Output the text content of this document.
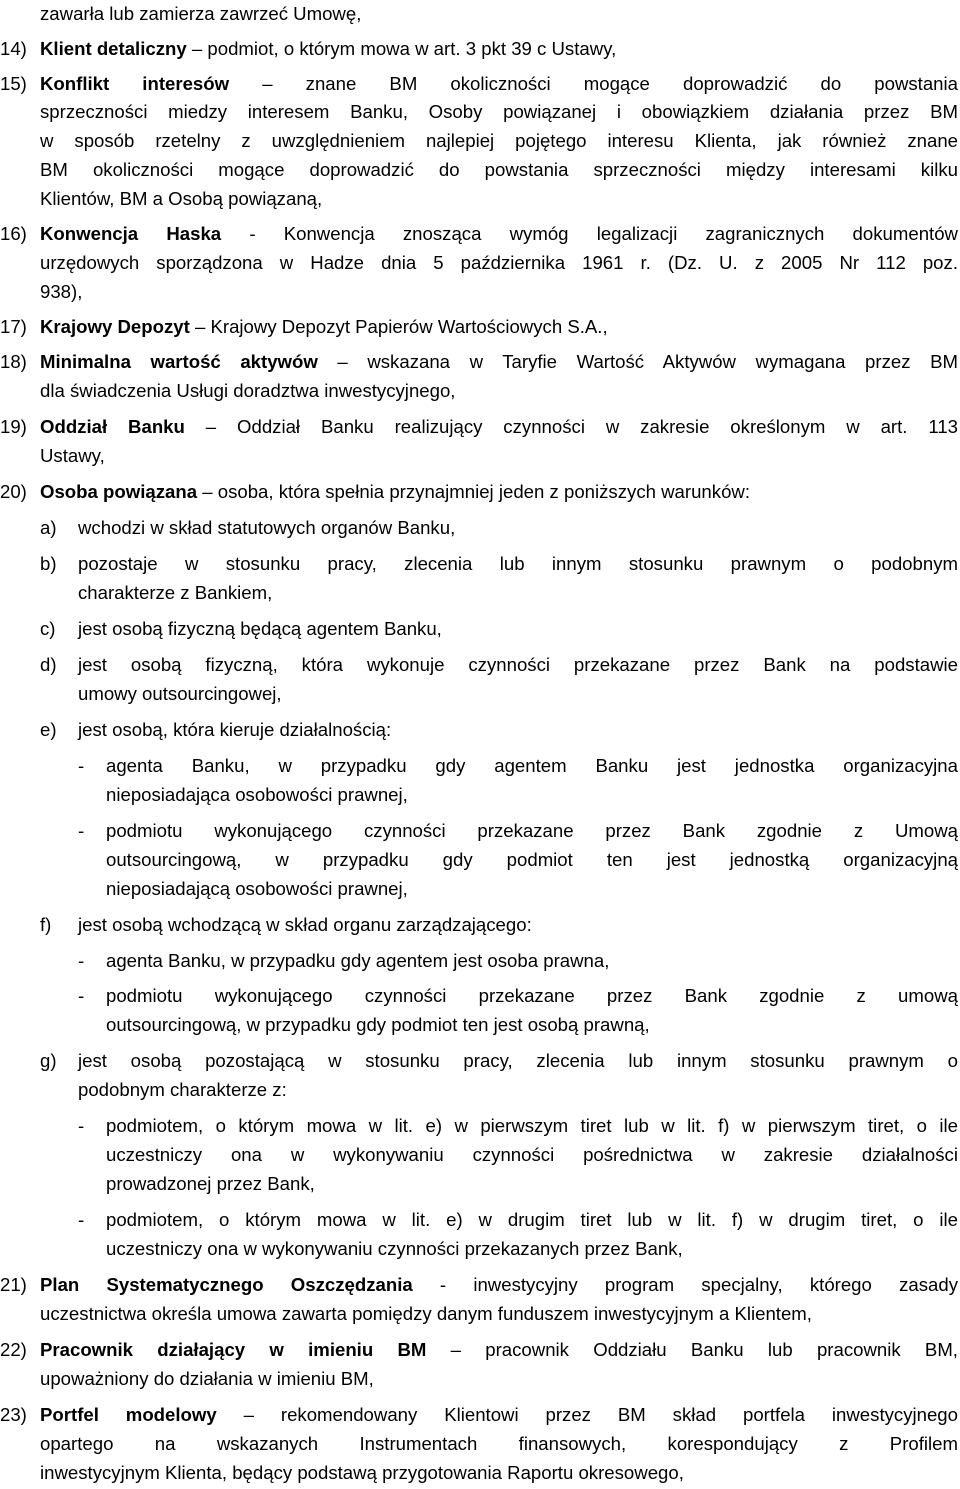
zawarła lub zamierza zawrzeć Umowę,
14) Klient detaliczny – podmiot, o którym mowa w art. 3 pkt 39 c Ustawy,
15) Konflikt interesów – znane BM okoliczności mogące doprowadzić do powstania
sprzeczności miedzy interesem Banku, Osoby powiązanej i obowiązkiem działania przez BM
w sposób rzetelny z uwzględnieniem najlepiej pojętego interesu Klienta, jak również znane
BM okoliczności mogące doprowadzić do powstania sprzeczności między interesami kilku
Klientów, BM a Osobą powiązaną,
16) Konwencja Haska - Konwencja znosząca wymóg legalizacji zagranicznych dokumentów
urzędowych sporządzona w Hadze dnia 5 października 1961 r. (Dz. U. z 2005 Nr 112 poz.
938),
17) Krajowy Depozyt – Krajowy Depozyt Papierów Wartościowych S.A.,
18) Minimalna wartość aktywów – wskazana w Taryfie Wartość Aktywów wymagana przez BM
dla świadczenia Usługi doradztwa inwestycyjnego,
19) Oddział Banku – Oddział Banku realizujący czynności w zakresie określonym w art. 113
Ustawy,
20) Osoba powiązana – osoba, która spełnia przynajmniej jeden z poniższych warunków:
a) wchodzi w skład statutowych organów Banku,
b) pozostaje w stosunku pracy, zlecenia lub innym stosunku prawnym o podobnym
charakterze z Bankiem,
c) jest osobą fizyczną będącą agentem Banku,
d) jest osobą fizyczną, która wykonuje czynności przekazane przez Bank na podstawie
umowy outsourcingowej,
e) jest osobą, która kieruje działalnością:
- agenta Banku, w przypadku gdy agentem Banku jest jednostka organizacyjna
nieposiadająca osobowości prawnej,
- podmiotu wykonującego czynności przekazane przez Bank zgodnie z Umową
outsourcingową, w przypadku gdy podmiot ten jest jednostką organizacyjną
nieposiadającą osobowości prawnej,
f) jest osobą wchodzącą w skład organu zarządzającego:
- agenta Banku, w przypadku gdy agentem jest osoba prawna,
- podmiotu wykonującego czynności przekazane przez Bank zgodnie z umową
outsourcingową, w przypadku gdy podmiot ten jest osobą prawną,
g) jest osobą pozostającą w stosunku pracy, zlecenia lub innym stosunku prawnym o
podobnym charakterze z:
- podmiotem, o którym mowa w lit. e) w pierwszym tiret lub w lit. f) w pierwszym tiret, o ile
uczestniczy ona w wykonywaniu czynności pośrednictwa w zakresie działalności
prowadzonej przez Bank,
- podmiotem, o którym mowa w lit. e) w drugim tiret lub w lit. f) w drugim tiret, o ile
uczestniczy ona w wykonywaniu czynności przekazanych przez Bank,
21) Plan Systematycznego Oszczędzania - inwestycyjny program specjalny, którego zasady
uczestnictwa określa umowa zawarta pomiędzy danym funduszem inwestycyjnym a Klientem,
22) Pracownik działający w imieniu BM – pracownik Oddziału Banku lub pracownik BM,
upoważniony do działania w imieniu BM,
23) Portfel modelowy – rekomendowany Klientowi przez BM skład portfela inwestycyjnego
opartego na wskazanych Instrumentach finansowych, korespondujący z Profilem
inwestycyjnym Klienta, będący podstawą przygotowania Raportu okresowego,
